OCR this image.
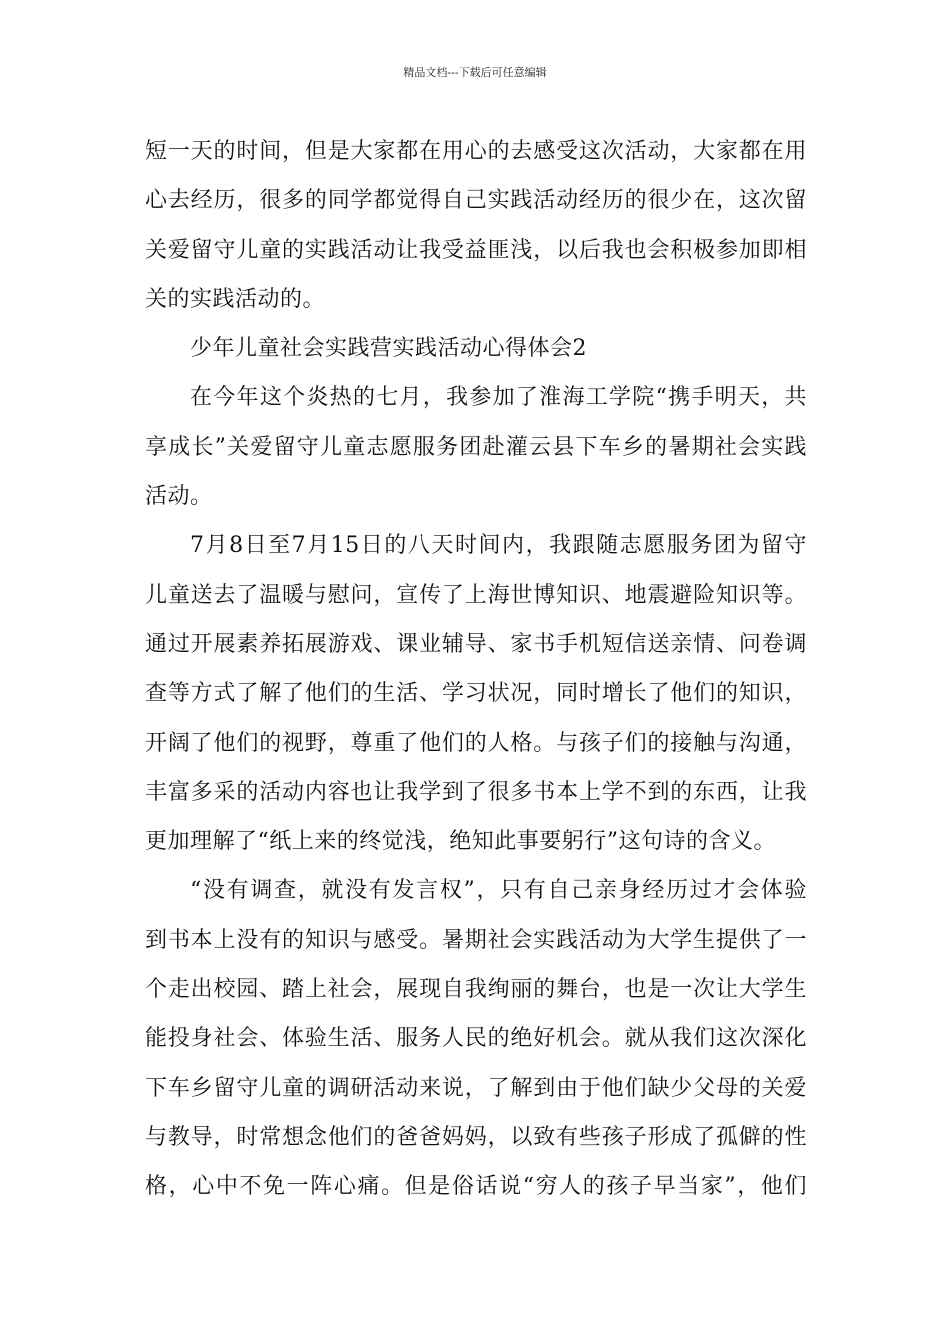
精品文档---下载后可任意编辑
短一天的时间，但是大家都在用心的去感受这次活动，大家都在用
心去经历，很多的同学都觉得自己实践活动经历的很少在，这次留
关爱留守儿童的实践活动让我受益匪浅，以后我也会积极参加即相
关的实践活动的。
少年儿童社会实践营实践活动心得体会2
在今年这个炎热的七月，我参加了淮海工学院“携手明天，共
享成长”关爱留守儿童志愿服务团赴灌云县下车乡的暑期社会实践
活动。
7月8日至7月15日的八天时间内，我跟随志愿服务团为留守
儿童送去了温暖与慰问，宣传了上海世博知识、地震避险知识等。
通过开展素养拓展游戏、课业辅导、家书手机短信送亲情、问卷调
查等方式了解了他们的生活、学习状况，同时增长了他们的知识，
开阔了他们的视野，尊重了他们的人格。与孩子们的接触与沟通，
丰富多采的活动内容也让我学到了很多书本上学不到的东西，让我
更加理解了“纸上来的终觉浅，绝知此事要躬行”这句诗的含义。
“没有调查，就没有发言权”，只有自己亲身经历过才会体验
到书本上没有的知识与感受。暑期社会实践活动为大学生提供了一
个走出校园、踏上社会，展现自我绚丽的舞台，也是一次让大学生
能投身社会、体验生活、服务人民的绝好机会。就从我们这次深化
下车乡留守儿童的调研活动来说，了解到由于他们缺少父母的关爱
与教导，时常想念他们的爸爸妈妈，以致有些孩子形成了孤僻的性
格，心中不免一阵心痛。但是俗话说“穷人的孩子早当家”，他们
